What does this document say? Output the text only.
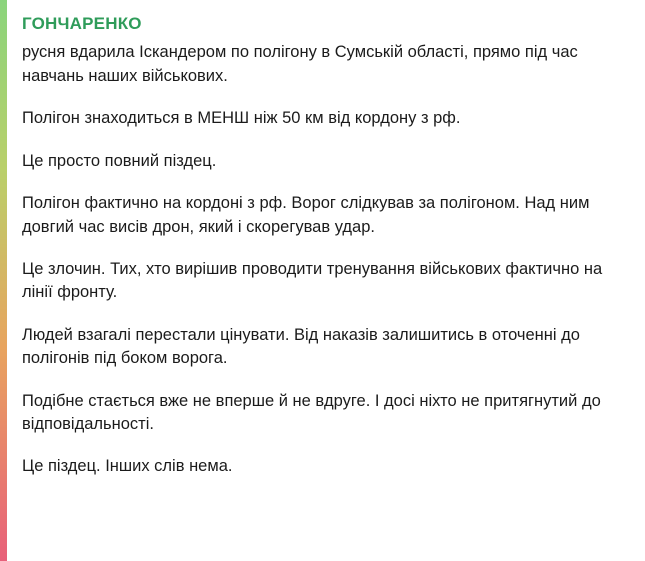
ГОНЧАРЕНКО

русня вдарила Іскандером по полігону в Сумській області, прямо під час навчань наших військових.

Полігон знаходиться в МЕНШ ніж 50 км від кордону з рф.

Це просто повний піздец.

Полігон фактично на кордоні з рф. Ворог слідкував за полігоном. Над ним довгий час висів дрон, який і скорегував удар.

Це злочин. Тих, хто вирішив проводити тренування військових фактично на лінії фронту.

Людей взагалі перестали цінувати. Від наказів залишитись в оточенні до полігонів під боком ворога.

Подібне стається вже не вперше й не вдруге. І досі ніхто не притягнутий до відповідальності.

Це піздец. Інших слів нема.
